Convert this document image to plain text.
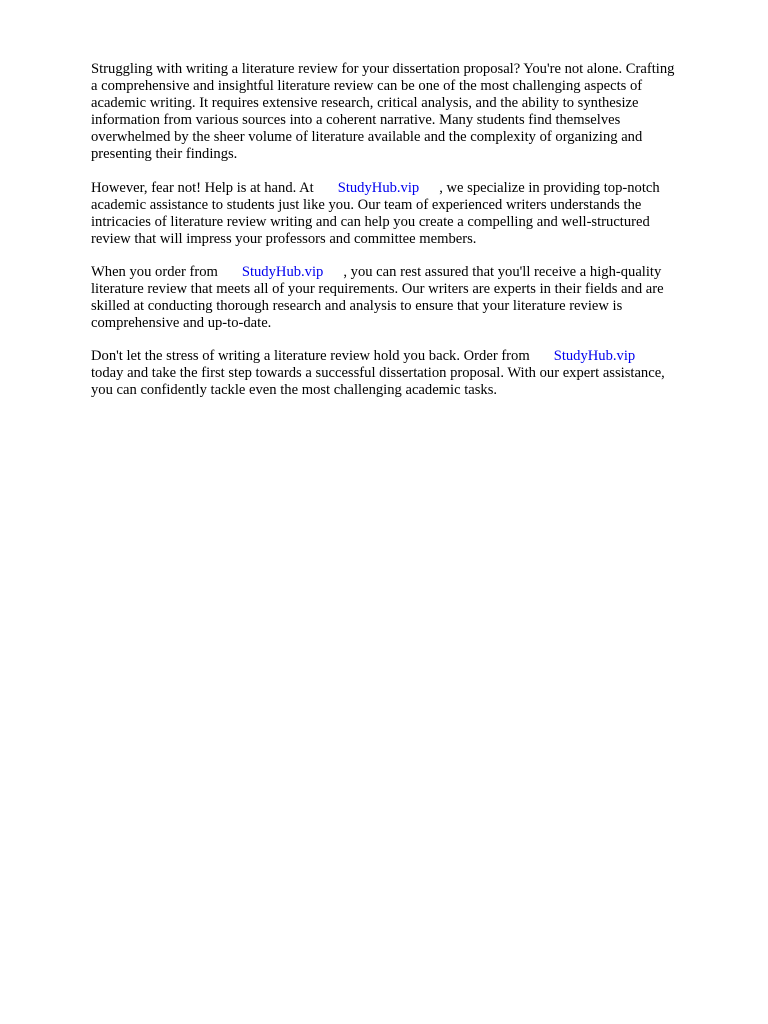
Struggling with writing a literature review for your dissertation proposal? You're not alone. Crafting
a comprehensive and insightful literature review can be one of the most challenging aspects of
academic writing. It requires extensive research, critical analysis, and the ability to synthesize
information from various sources into a coherent narrative. Many students find themselves
overwhelmed by the sheer volume of literature available and the complexity of organizing and
presenting their findings.

However, fear not! Help is at hand. At StudyHub.vip , we specialize in providing top-notch
academic assistance to students just like you. Our team of experienced writers understands the
intricacies of literature review writing and can help you create a compelling and well-structured
review that will impress your professors and committee members.

When you order from StudyHub.vip , you can rest assured that you'll receive a high-quality
literature review that meets all of your requirements. Our writers are experts in their fields and are
skilled at conducting thorough research and analysis to ensure that your literature review is
comprehensive and up-to-date.

Don't let the stress of writing a literature review hold you back. Order from StudyHub.vip
today and take the first step towards a successful dissertation proposal. With our expert assistance,
you can confidently tackle even the most challenging academic tasks.
